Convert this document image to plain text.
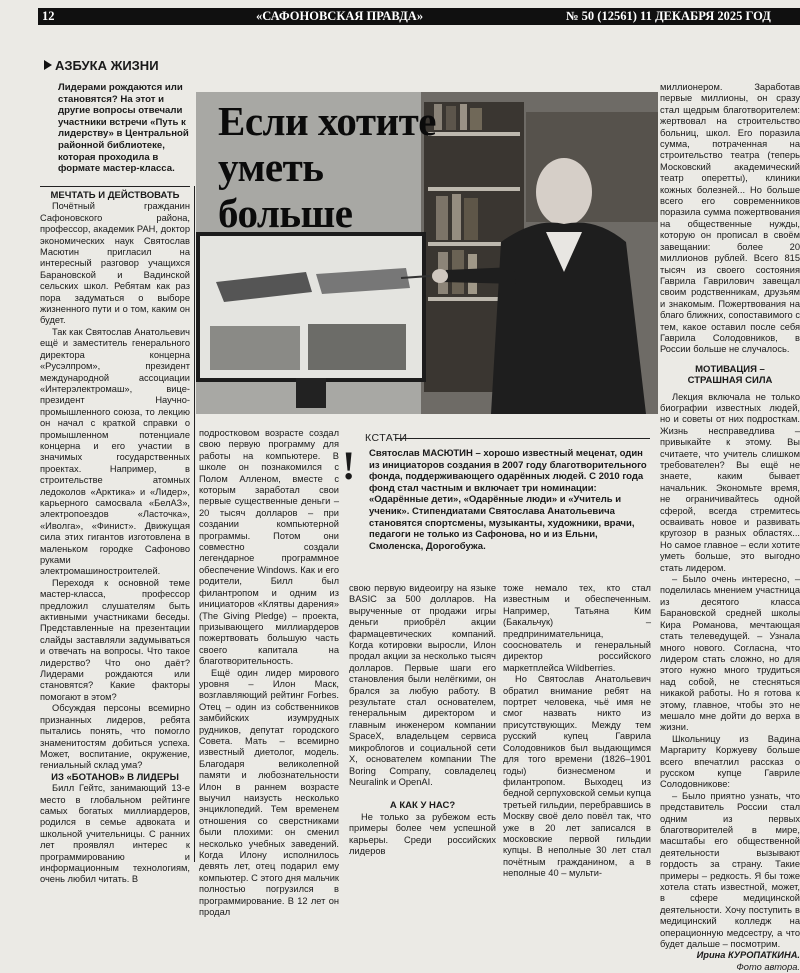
12	«САФОНОВСКАЯ ПРАВДА»	№ 50 (12561) 11 ДЕКАБРЯ 2025 ГОД
АЗБУКА ЖИЗНИ
Лидерами рождаются или становятся? На этот и другие вопросы отвечали участники встречи «Путь к лидерству» в Центральной районной библиотеке, которая проходила в формате мастер-класса.
Если хотите
уметь
больше

МЕЧТАТЬ И ДЕЙСТВОВАТЬ

Почётный гражданин Сафоновского района, профессор, академик РАН, доктор экономических наук Святослав Масютин пригласил на интересный разговор учащихся Барановской и Вадинской сельских школ. Ребятам как раз пора задуматься о выборе жизненного пути и о том, каким он будет.

Так как Святослав Анатольевич ещё и заместитель генерального директора концерна «Русэлпром», президент международной ассоциации «Интерэлектромаш», вице-президент Научно-промышленного союза, то лекцию он начал с краткой справки о промышленном потенциале концерна и его участии в значимых государственных проектах. Например, в строительстве атомных ледоколов «Арктика» и «Лидер», карьерного самосвала «БелАЗ», электропоездов «Ласточка», «Иволга», «Финист». Движущая сила этих гигантов изготовлена в маленьком городке Сафоново руками электромашиностроителей.

Переходя к основной теме мастер-класса, профессор предложил слушателям быть активными участниками беседы. Представленные на презентации слайды заставляли задумываться и отвечать на вопросы. Что такое лидерство? Что оно даёт? Лидерами рождаются или становятся? Какие факторы помогают в этом?

Обсуждая персоны всемирно признанных лидеров, ребята пытались понять, что помогло знаменитостям добиться успеха. Может, воспитание, окружение, гениальный склад ума?

ИЗ «БОТАНОВ» В ЛИДЕРЫ

Билл Гейтс, занимающий 13-е место в глобальном рейтинге самых богатых миллиардеров, родился в семье адвоката и школьной учительницы. С ранних лет проявлял интерес к программированию и информационным технологиям, очень любил читать. В

подростковом возрасте создал свою первую программу для работы на компьютере. В школе он познакомился с Полом Алленом, вместе с которым заработал свои первые существенные деньги – 20 тысяч долларов – при создании компьютерной программы. Потом они совместно создали легендарное программное обеспечение Windows. Как и его родители, Билл был филантропом и одним из инициаторов «Клятвы дарения» (The Giving Pledge) – проекта, призывающего миллиардеров пожертвовать большую часть своего капитала на благотворительность.

Ещё один лидер мирового уровня – Илон Маск, возглавляющий рейтинг Forbes. Отец – один из собственников замбийских изумрудных рудников, депутат городского Совета. Мать – всемирно известный диетолог, модель. Благодаря великолепной памяти и любознательности Илон в раннем возрасте выучил наизусть несколько энциклопедий. Тем временем отношения со сверстниками были плохими: он сменил несколько учебных заведений. Когда Илону исполнилось девять лет, отец подарил ему компьютер. С этого дня мальчик полностью погрузился в программирование. В 12 лет он продал

КСТАТИ
! Святослав МАСЮТИН – хорошо известный меценат, один из инициаторов создания в 2007 году благотворительного фонда, поддерживающего одарённых людей. С 2010 года фонд стал частным и включает три номинации: «Одарённые дети», «Одарённые люди» и «Учитель и ученик». Стипендиатами Святослава Анатольевича становятся спортсмены, музыканты, художники, врачи, педагоги не только из Сафонова, но и из Ельни, Смоленска, Дорогобужа.

свою первую видеоигру на языке BASIC за 500 долларов. На вырученные от продажи игры деньги приобрёл акции фармацевтических компаний. Когда котировки выросли, Илон продал акции за несколько тысяч долларов. Первые шаги его становления были нелёгкими, он брался за любую работу. В результате стал основателем, генеральным директором и главным инженером компании SpaceX, владельцем сервиса микроблогов и социальной сети X, основателем компании The Boring Company, совладелец Neuralink и OpenAI.

А КАК У НАС?

Не только за рубежом есть примеры более чем успешной карьеры. Среди российских лидеров

тоже немало тех, кто стал известным и обеспеченным. Например, Татьяна Ким (Бакальчук) – предпринимательница, сооснователь и генеральный директор российского маркетплейса Wildberries.

Но Святослав Анатольевич обратил внимание ребят на портрет человека, чьё имя не смог назвать никто из присутствующих. Между тем русский купец Гаврила Солодовников был выдающимся для того времени (1826–1901 годы) бизнесменом и филантропом. Выходец из бедной серпуховской семьи купца третьей гильдии, перебравшись в Москву своё дело повёл так, что уже в 20 лет записался в московские первой гильдии купцы. В неполные 30 лет стал почётным гражданином, а в неполные 40 – мульти-

миллионером. Заработав первые миллионы, он сразу стал щедрым благотворителем: жертвовал на строительство больниц, школ. Его поразила сумма, потраченная на строительство театра (теперь Московский академический театр оперетты), клиники кожных болезней... Но больше всего его современников поразила сумма пожертвования на общественные нужды, которую он прописал в своём завещании: более 20 миллионов рублей. Всего 815 тысяч из своего состояния Гаврила Гаврилович завещал своим родственникам, друзьям и знакомым. Пожертвования на благо ближних, сопоставимого с тем, какое оставил после себя Гаврила Солодовников, в России больше не случалось.

МОТИВАЦИЯ –

СТРАШНАЯ СИЛА

Лекция включала не только биографии известных людей, но и советы от них подросткам. Жизнь несправедлива – привыкайте к этому. Вы считаете, что учитель слишком требователен? Вы ещё не знаете, каким бывает начальник. Экономьте время, не ограничивайтесь одной сферой, всегда стремитесь осваивать новое и развивать кругозор в разных областях... Но самое главное – если хотите уметь больше, это выгодно стать лидером.

– Было очень интересно, – поделилась мнением участница из десятого класса Барановской средней школы Кира Романова, мечтающая стать телеведущей. – Узнала много нового. Согласна, что лидером стать сложно, но для этого нужно много трудиться над собой, не стесняться никакой работы. Но я готова к этому, главное, чтобы это не мешало мне дойти до верха в жизни.

Школьницу из Вадина Маргариту Коржуеву больше всего впечатлил рассказ о русском купце Гавриле Солодовникове:

– Было приятно узнать, что представитель России стал одним из первых благотворителей в мире, масштабы его общественной деятельности вызывают гордость за страну. Такие примеры – редкость. Я бы тоже хотела стать известной, может, в сфере медицинской деятельности. Хочу поступить в медицинский колледж на операционную медсестру, а что будет дальше – посмотрим.

Ирина КУРОПАТКИНА.

Фото автора.
